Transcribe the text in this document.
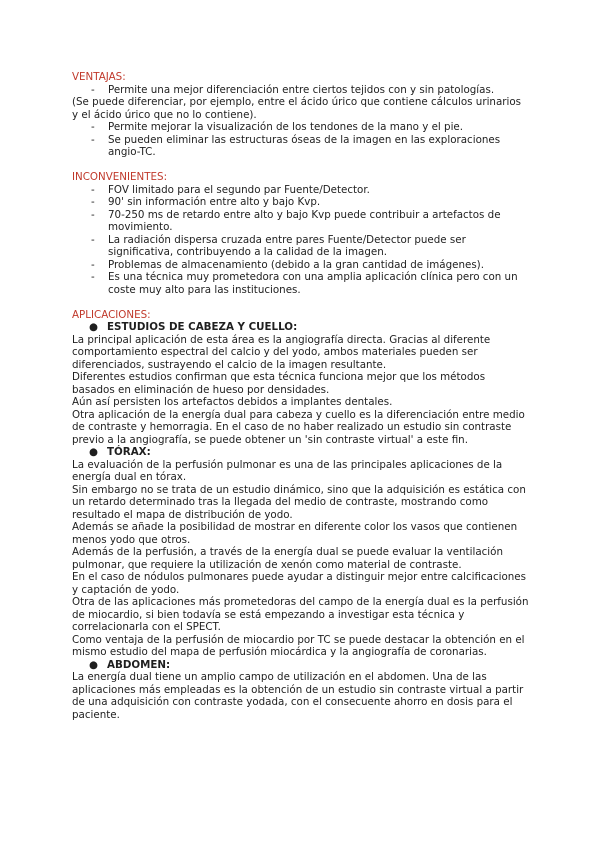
VENTAJAS:
- Permite una mejor diferenciación entre ciertos tejidos con y sin patologías.
(Se puede diferenciar, por ejemplo, entre el ácido úrico que contiene cálculos urinarios y el ácido úrico que no lo contiene).
- Permite mejorar la visualización de los tendones de la mano y el pie.
- Se pueden eliminar las estructuras óseas de la imagen en las exploraciones angio-TC.
INCONVENIENTES:
- FOV limitado para el segundo par Fuente/Detector.
- 90' sin información entre alto y bajo Kvp.
- 70-250 ms de retardo entre alto y bajo Kvp puede contribuir a artefactos de movimiento.
- La radiación dispersa cruzada entre pares Fuente/Detector puede ser significativa, contribuyendo a la calidad de la imagen.
- Problemas de almacenamiento (debido a la gran cantidad de imágenes).
- Es una técnica muy prometedora con una amplia aplicación clínica pero con un coste muy alto para las instituciones.
APLICACIONES:
● ESTUDIOS DE CABEZA Y CUELLO:
La principal aplicación de esta área es la angiografía directa. Gracias al diferente comportamiento espectral del calcio y del yodo, ambos materiales pueden ser diferenciados, sustrayendo el calcio de la imagen resultante.
Diferentes estudios confirman que esta técnica funciona mejor que los métodos basados en eliminación de hueso por densidades.
Aún así persisten los artefactos debidos a implantes dentales.
Otra aplicación de la energía dual para cabeza y cuello es la diferenciación entre medio de contraste y hemorragia. En el caso de no haber realizado un estudio sin contraste previo a la angiografía, se puede obtener un 'sin contraste virtual' a este fin.
● TÓRAX:
La evaluación de la perfusión pulmonar es una de las principales aplicaciones de la energía dual en tórax.
Sin embargo no se trata de un estudio dinámico, sino que la adquisición es estática con un retardo determinado tras la llegada del medio de contraste, mostrando como resultado el mapa de distribución de yodo.
Además se añade la posibilidad de mostrar en diferente color los vasos que contienen menos yodo que otros.
Además de la perfusión, a través de la energía dual se puede evaluar la ventilación pulmonar, que requiere la utilización de xenón como material de contraste.
En el caso de nódulos pulmonares puede ayudar a distinguir mejor entre calcificaciones y captación de yodo.
Otra de las aplicaciones más prometedoras del campo de la energía dual es la perfusión de miocardio, si bien todavía se está empezando a investigar esta técnica y correlacionarla con el SPECT.
Como ventaja de la perfusión de miocardio por TC se puede destacar la obtención en el mismo estudio del mapa de perfusión miocárdica y la angiografía de coronarias.
● ABDOMEN:
La energía dual tiene un amplio campo de utilización en el abdomen. Una de las aplicaciones más empleadas es la obtención de un estudio sin contraste virtual a partir de una adquisición con contraste yodada, con el consecuente ahorro en dosis para el paciente.
